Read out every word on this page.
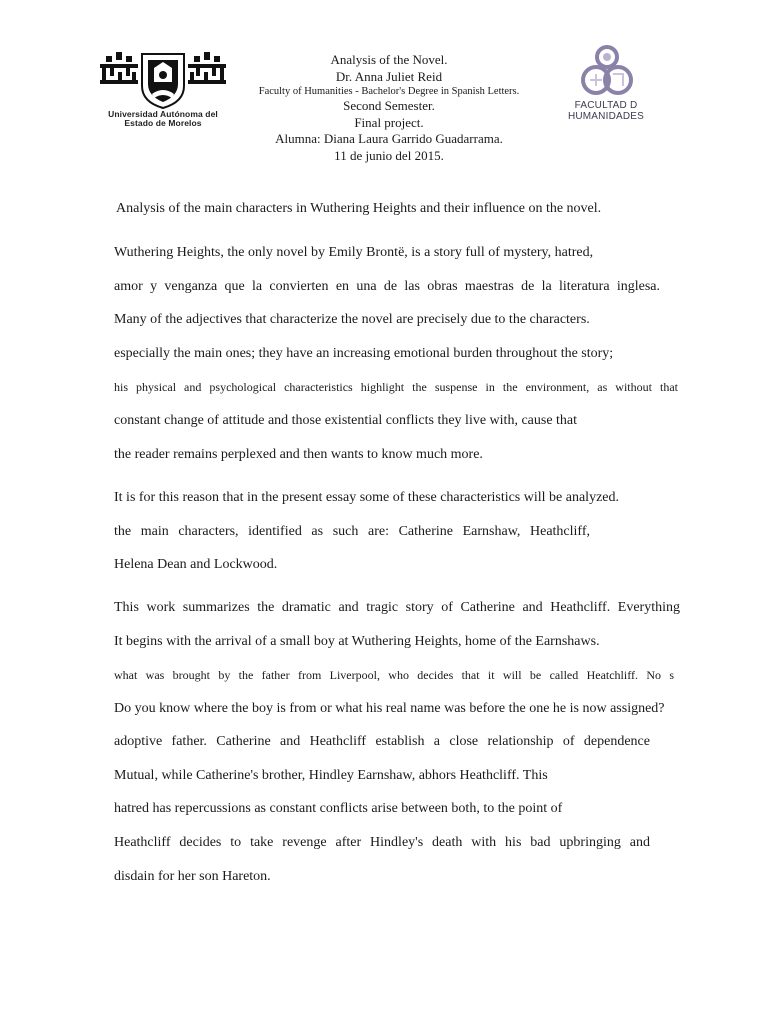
Universidad Autónoma del
Estado de Morelos
Analysis of the Novel.
Dr. Anna Juliet Reid
Faculty of Humanities - Bachelor's Degree in Spanish Letters.
Second Semester.
Final project.
Alumna: Diana Laura Garrido Guadarrama.
11 de junio del 2015.
FACULTAD D
HUMANIDADES
Analysis of the main characters in Wuthering Heights and their influence on the novel.
Wuthering Heights, the only novel by Emily Brontë, is a story full of mystery, hatred,
amor y venganza que la convierten en una de las obras maestras de la literatura inglesa.
Many of the adjectives that characterize the novel are precisely due to the characters.
especially the main ones; they have an increasing emotional burden throughout the story;
his physical and psychological characteristics highlight the suspense in the environment, as without that
constant change of attitude and those existential conflicts they live with, cause that
the reader remains perplexed and then wants to know much more.
It is for this reason that in the present essay some of these characteristics will be analyzed.
the main characters, identified as such are: Catherine Earnshaw, Heathcliff,
Helena Dean and Lockwood.
This work summarizes the dramatic and tragic story of Catherine and Heathcliff. Everything
It begins with the arrival of a small boy at Wuthering Heights, home of the Earnshaws.
what was brought by the father from Liverpool, who decides that it will be called Heatchliff. No s
Do you know where the boy is from or what his real name was before the one he is now assigned?
adoptive father. Catherine and Heathcliff establish a close relationship of dependence
Mutual, while Catherine's brother, Hindley Earnshaw, abhors Heathcliff. This
hatred has repercussions as constant conflicts arise between both, to the point of
Heathcliff decides to take revenge after Hindley's death with his bad upbringing and
disdain for her son Hareton.
